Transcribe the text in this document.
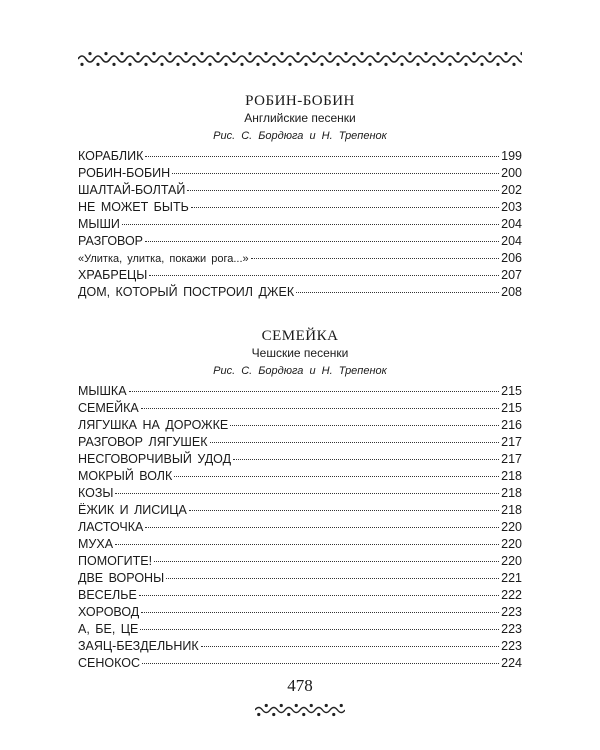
РОБИН-БОБИН

Английские песенки

Рис. С. Бордюга и Н. Трепенок

КОРАБЛИК	199
РОБИН-БОБИН	200
ШАЛТАЙ-БОЛТАЙ	202
НЕ МОЖЕТ БЫТЬ	203
МЫШИ	204
РАЗГОВОР	204
«Улитка, улитка, покажи рога...»	206
ХРАБРЕЦЫ	207
ДОМ, КОТОРЫЙ ПОСТРОИЛ ДЖЕК	208

СЕМЕЙКА

Чешские песенки

Рис. С. Бордюга и Н. Трепенок

МЫШКА	215
СЕМЕЙКА	215
ЛЯГУШКА НА ДОРОЖКЕ	216
РАЗГОВОР ЛЯГУШЕК	217
НЕСГОВОРЧИВЫЙ УДОД	217
МОКРЫЙ ВОЛК	218
КОЗЫ	218
ЁЖИК И ЛИСИЦА	218
ЛАСТОЧКА	220
МУХА	220
ПОМОГИТЕ!	220
ДВЕ ВОРОНЫ	221
ВЕСЕЛЬЕ	222
ХОРОВОД	223
А, БЕ, ЦЕ	223
ЗАЯЦ-БЕЗДЕЛЬНИК	223
СЕНОКОС	224
478
